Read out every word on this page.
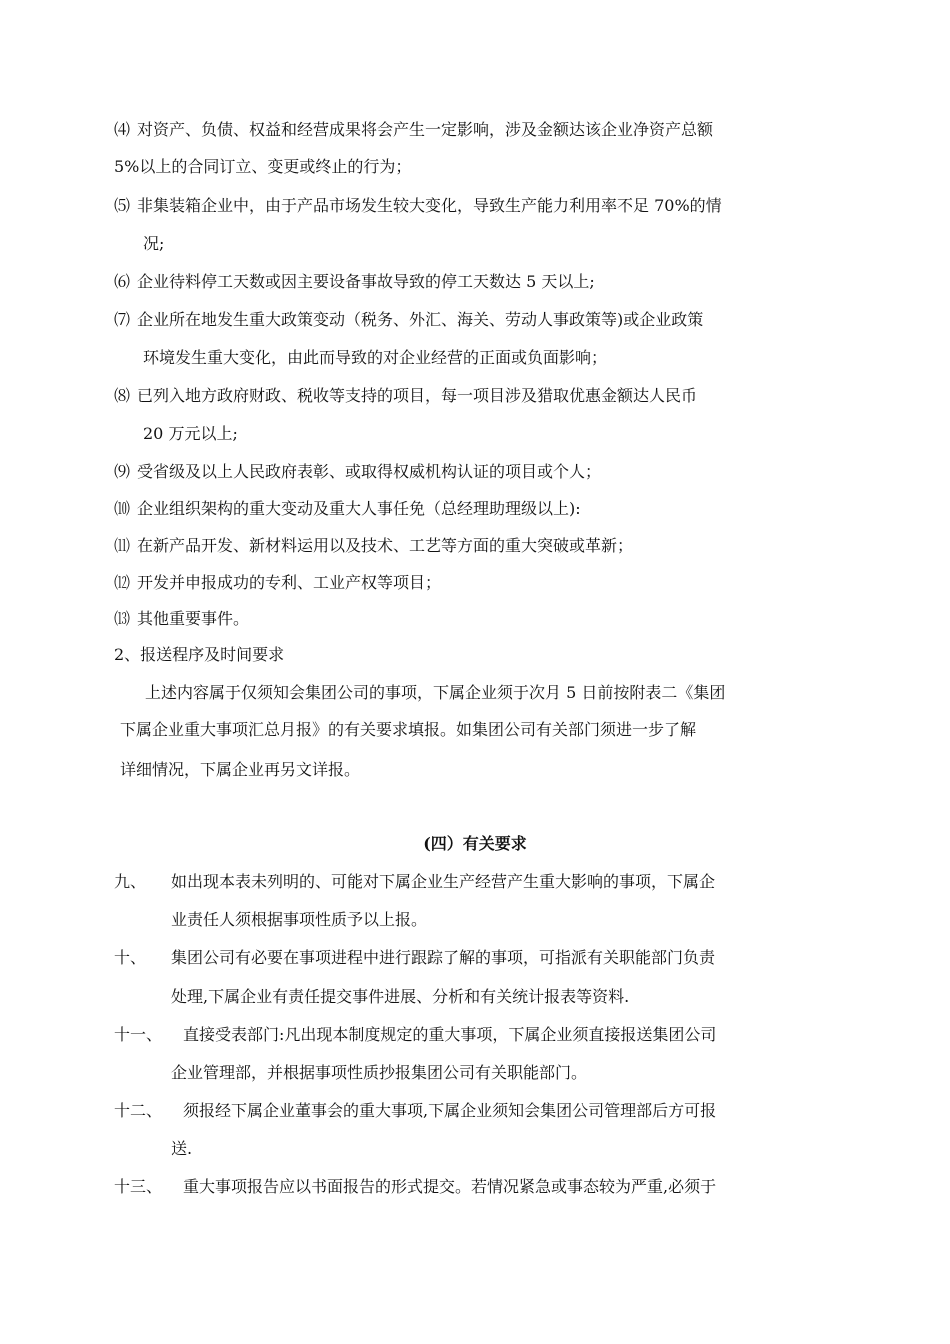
⑷ 对资产、负债、权益和经营成果将会产生一定影响，涉及金额达该企业净资产总额
5%以上的合同订立、变更或终止的行为；
⑸ 非集装箱企业中，由于产品市场发生较大变化，导致生产能力利用率不足 70%的情
况;
⑹ 企业待料停工天数或因主要设备事故导致的停工天数达 5 天以上;
⑺ 企业所在地发生重大政策变动（税务、外汇、海关、劳动人事政策等)或企业政策
环境发生重大变化，由此而导致的对企业经营的正面或负面影响；
⑻ 已列入地方政府财政、税收等支持的项目，每一项目涉及猎取优惠金额达人民币
20 万元以上;
⑼ 受省级及以上人民政府表彰、或取得权威机构认证的项目或个人；
⑽ 企业组织架构的重大变动及重大人事任免（总经理助理级以上):
⑾ 在新产品开发、新材料运用以及技术、工艺等方面的重大突破或革新；
⑿ 开发并申报成功的专利、工业产权等项目；
⒀ 其他重要事件。
2、报送程序及时间要求
上述内容属于仅须知会集团公司的事项，下属企业须于次月 5 日前按附表二《集团
下属企业重大事项汇总月报》的有关要求填报。如集团公司有关部门须进一步了解
详细情况，下属企业再另文详报。
(四）有关要求
九、 如出现本表未列明的、可能对下属企业生产经营产生重大影响的事项，下属企
业责任人须根据事项性质予以上报。
十、 集团公司有必要在事项进程中进行跟踪了解的事项，可指派有关职能部门负责
处理,下属企业有责任提交事件进展、分析和有关统计报表等资料.
十一、 直接受表部门:凡出现本制度规定的重大事项，下属企业须直接报送集团公司
企业管理部，并根据事项性质抄报集团公司有关职能部门。
十二、 须报经下属企业董事会的重大事项,下属企业须知会集团公司管理部后方可报
送.
十三、 重大事项报告应以书面报告的形式提交。若情况紧急或事态较为严重,必须于
